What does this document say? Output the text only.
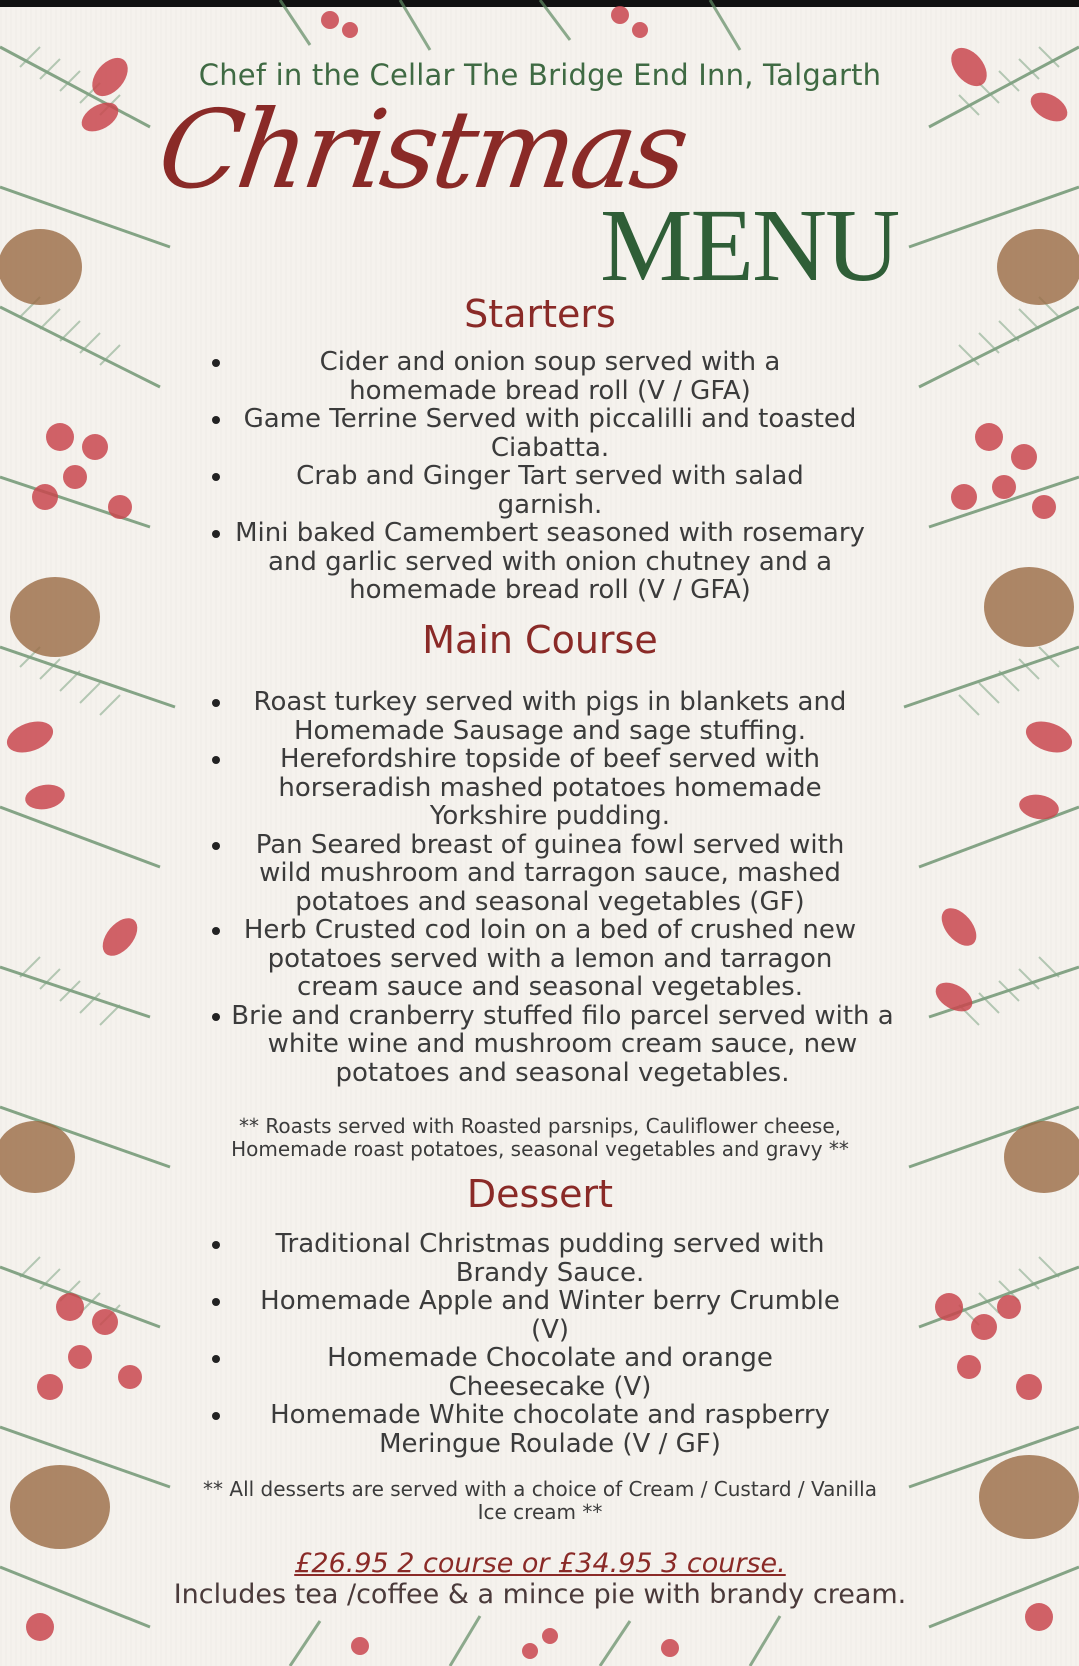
Chef in the Cellar The Bridge End Inn, Talgarth
Christmas
MENU
Starters
Cider and onion soup served with a homemade bread roll (V / GFA)
Game Terrine Served with piccalilli and toasted Ciabatta.
Crab and Ginger Tart served with salad garnish.
Mini baked Camembert seasoned with rosemary and garlic served with onion chutney and a homemade bread roll (V / GFA)
Main Course
Roast turkey served with pigs in blankets and Homemade Sausage and sage stuffing.
Herefordshire topside of beef served with horseradish mashed potatoes homemade Yorkshire pudding.
Pan Seared breast of guinea fowl served with wild mushroom and tarragon sauce, mashed potatoes and seasonal vegetables (GF)
Herb Crusted cod loin on a bed of crushed new potatoes served with a lemon and tarragon cream sauce and seasonal vegetables.
Brie and cranberry stuffed filo parcel served with a white wine and mushroom cream sauce, new potatoes and seasonal vegetables.
** Roasts served with Roasted parsnips, Cauliflower cheese, Homemade roast potatoes, seasonal vegetables and gravy **
Dessert
Traditional Christmas pudding served with Brandy Sauce.
Homemade Apple and Winter berry Crumble (V)
Homemade Chocolate and orange Cheesecake (V)
Homemade White chocolate and raspberry Meringue Roulade (V / GF)
** All desserts are served with a choice of Cream / Custard / Vanilla Ice cream **
£26.95 2 course or £34.95 3 course.
Includes tea /coffee & a mince pie with brandy cream.
